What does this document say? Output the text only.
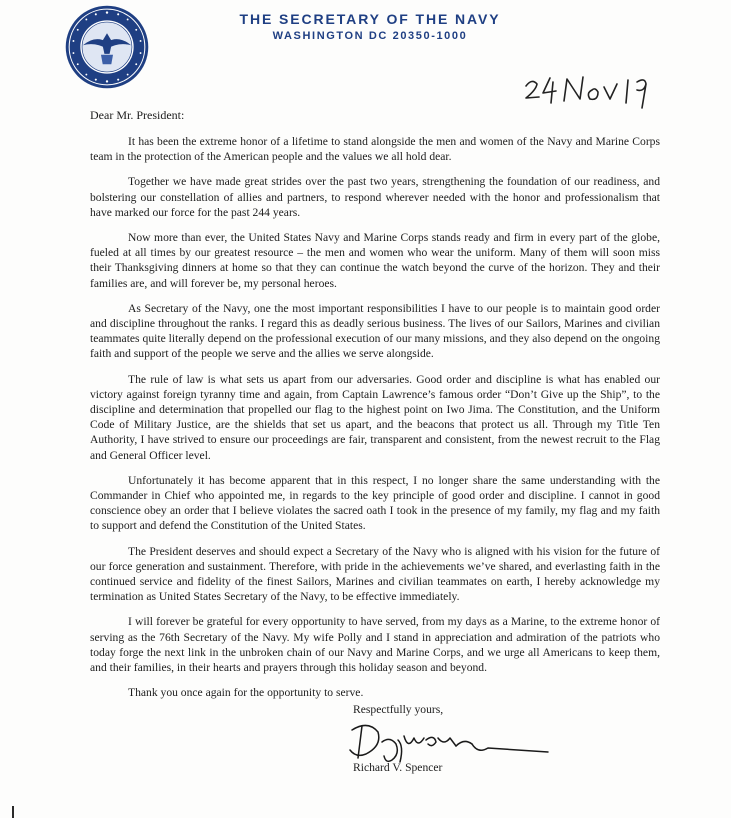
THE SECRETARY OF THE NAVY
WASHINGTON DC 20350-1000

Dear Mr. President:

It has been the extreme honor of a lifetime to stand alongside the men and women of the Navy and Marine Corps team in the protection of the American people and the values we all hold dear.

Together we have made great strides over the past two years, strengthening the foundation of our readiness, and bolstering our constellation of allies and partners, to respond wherever needed with the honor and professionalism that have marked our force for the past 244 years.

Now more than ever, the United States Navy and Marine Corps stands ready and firm in every part of the globe, fueled at all times by our greatest resource – the men and women who wear the uniform. Many of them will soon miss their Thanksgiving dinners at home so that they can continue the watch beyond the curve of the horizon. They and their families are, and will forever be, my personal heroes.

As Secretary of the Navy, one the most important responsibilities I have to our people is to maintain good order and discipline throughout the ranks. I regard this as deadly serious business. The lives of our Sailors, Marines and civilian teammates quite literally depend on the professional execution of our many missions, and they also depend on the ongoing faith and support of the people we serve and the allies we serve alongside.

The rule of law is what sets us apart from our adversaries. Good order and discipline is what has enabled our victory against foreign tyranny time and again, from Captain Lawrence’s famous order “Don’t Give up the Ship”, to the discipline and determination that propelled our flag to the highest point on Iwo Jima. The Constitution, and the Uniform Code of Military Justice, are the shields that set us apart, and the beacons that protect us all. Through my Title Ten Authority, I have strived to ensure our proceedings are fair, transparent and consistent, from the newest recruit to the Flag and General Officer level.

Unfortunately it has become apparent that in this respect, I no longer share the same understanding with the Commander in Chief who appointed me, in regards to the key principle of good order and discipline. I cannot in good conscience obey an order that I believe violates the sacred oath I took in the presence of my family, my flag and my faith to support and defend the Constitution of the United States.

The President deserves and should expect a Secretary of the Navy who is aligned with his vision for the future of our force generation and sustainment. Therefore, with pride in the achievements we’ve shared, and everlasting faith in the continued service and fidelity of the finest Sailors, Marines and civilian teammates on earth, I hereby acknowledge my termination as United States Secretary of the Navy, to be effective immediately.

I will forever be grateful for every opportunity to have served, from my days as a Marine, to the extreme honor of serving as the 76th Secretary of the Navy. My wife Polly and I stand in appreciation and admiration of the patriots who today forge the next link in the unbroken chain of our Navy and Marine Corps, and we urge all Americans to keep them, and their families, in their hearts and prayers through this holiday season and beyond.

Thank you once again for the opportunity to serve.

Respectfully yours,

Richard V. Spencer
